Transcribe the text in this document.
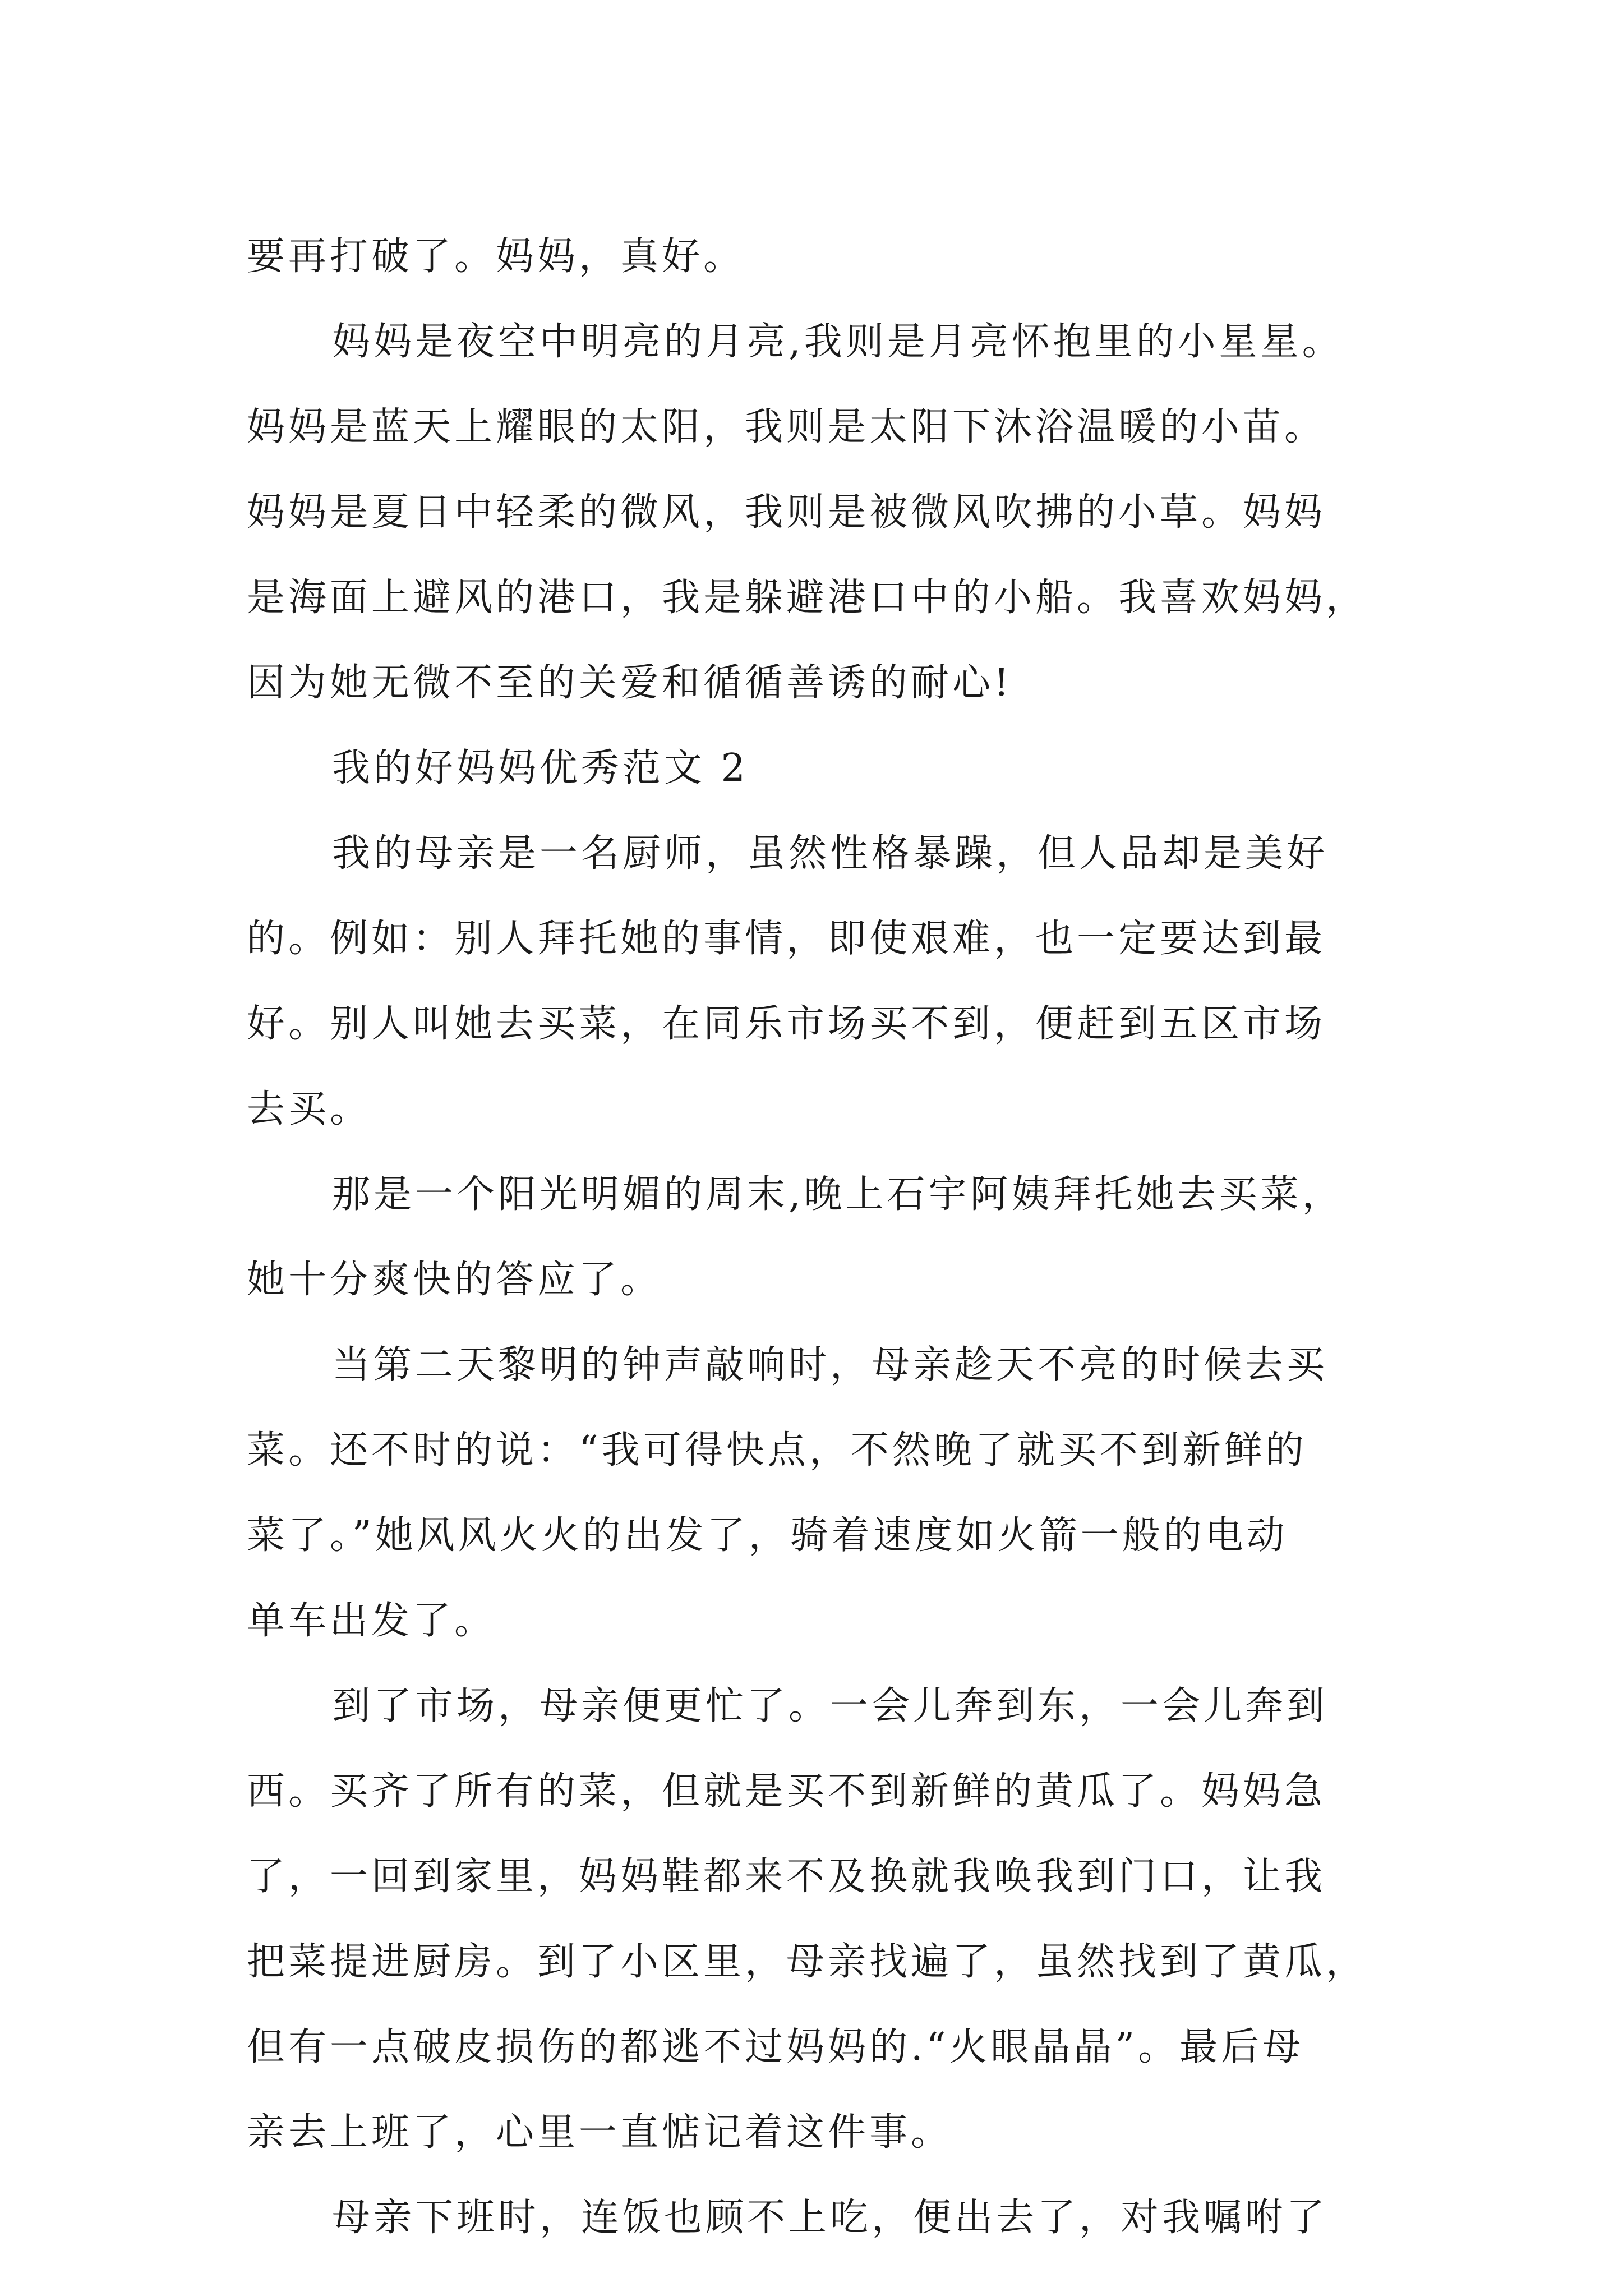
要再打破了。妈妈，真好。
妈妈是夜空中明亮的月亮,我则是月亮怀抱里的小星星。
妈妈是蓝天上耀眼的太阳，我则是太阳下沐浴温暖的小苗。
妈妈是夏日中轻柔的微风，我则是被微风吹拂的小草。妈妈
是海面上避风的港口，我是躲避港口中的小船。我喜欢妈妈，
因为她无微不至的关爱和循循善诱的耐心!
我的好妈妈优秀范文 2
我的母亲是一名厨师，虽然性格暴躁，但人品却是美好
的。例如：别人拜托她的事情，即使艰难，也一定要达到最
好。别人叫她去买菜，在同乐市场买不到，便赶到五区市场
去买。
那是一个阳光明媚的周末,晚上石宇阿姨拜托她去买菜，
她十分爽快的答应了。
当第二天黎明的钟声敲响时，母亲趁天不亮的时候去买
菜。还不时的说：“我可得快点，不然晚了就买不到新鲜的
菜了。”她风风火火的出发了，骑着速度如火箭一般的电动
单车出发了。
到了市场，母亲便更忙了。一会儿奔到东，一会儿奔到
西。买齐了所有的菜，但就是买不到新鲜的黄瓜了。妈妈急
了，一回到家里，妈妈鞋都来不及换就我唤我到门口，让我
把菜提进厨房。到了小区里，母亲找遍了，虽然找到了黄瓜，
但有一点破皮损伤的都逃不过妈妈的.“火眼晶晶”。最后母
亲去上班了，心里一直惦记着这件事。
母亲下班时，连饭也顾不上吃，便出去了，对我嘱咐了
